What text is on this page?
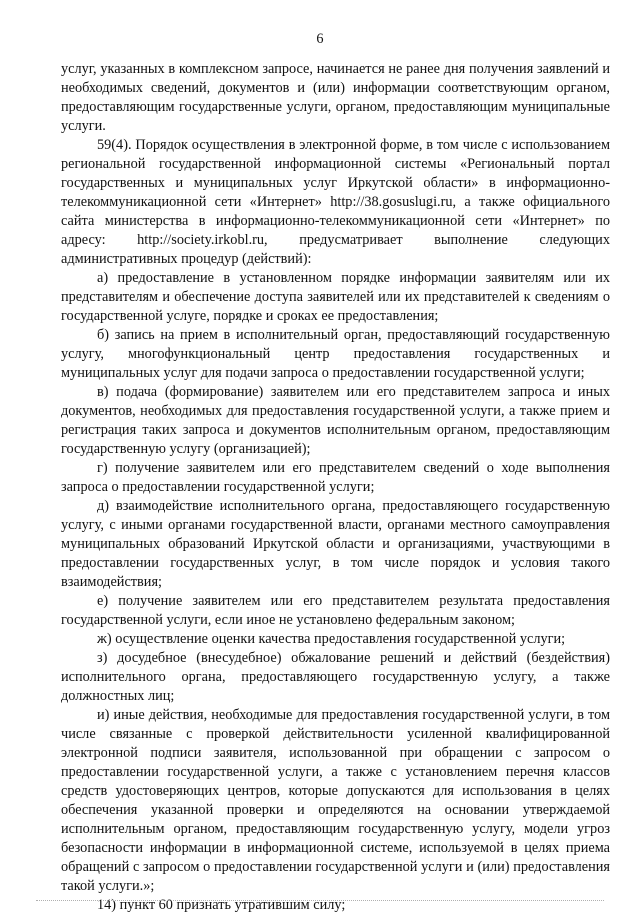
6

услуг, указанных в комплексном запросе, начинается не ранее дня получения заявлений и необходимых сведений, документов и (или) информации соответствующим органом, предоставляющим государственные услуги, органом, предоставляющим муниципальные услуги.

59(4). Порядок осуществления в электронной форме, в том числе с использованием региональной государственной информационной системы «Региональный портал государственных и муниципальных услуг Иркутской области» в информационно-телекоммуникационной сети «Интернет» http://38.gosuslugi.ru, а также официального сайта министерства в информационно-телекоммуникационной сети «Интернет» по адресу: http://society.irkobl.ru, предусматривает выполнение следующих административных процедур (действий):

а) предоставление в установленном порядке информации заявителям или их представителям и обеспечение доступа заявителей или их представителей к сведениям о государственной услуге, порядке и сроках ее предоставления;

б) запись на прием в исполнительный орган, предоставляющий государственную услугу, многофункциональный центр предоставления государственных и муниципальных услуг для подачи запроса о предоставлении государственной услуги;

в) подача (формирование) заявителем или его представителем запроса и иных документов, необходимых для предоставления государственной услуги, а также прием и регистрация таких запроса и документов исполнительным органом, предоставляющим государственную услугу (организацией);

г) получение заявителем или его представителем сведений о ходе выполнения запроса о предоставлении государственной услуги;

д) взаимодействие исполнительного органа, предоставляющего государственную услугу, с иными органами государственной власти, органами местного самоуправления муниципальных образований Иркутской области и организациями, участвующими в предоставлении государственных услуг, в том числе порядок и условия такого взаимодействия;

е) получение заявителем или его представителем результата предоставления государственной услуги, если иное не установлено федеральным законом;

ж) осуществление оценки качества предоставления государственной услуги;

з) досудебное (внесудебное) обжалование решений и действий (бездействия) исполнительного органа, предоставляющего государственную услугу, а также должностных лиц;

и) иные действия, необходимые для предоставления государственной услуги, в том числе связанные с проверкой действительности усиленной квалифицированной электронной подписи заявителя, использованной при обращении с запросом о предоставлении государственной услуги, а также с установлением перечня классов средств удостоверяющих центров, которые допускаются для использования в целях обеспечения указанной проверки и определяются на основании утверждаемой исполнительным органом, предоставляющим государственную услугу, модели угроз безопасности информации в информационной системе, используемой в целях приема обращений с запросом о предоставлении государственной услуги и (или) предоставления такой услуги.»;

14) пункт 60 признать утратившим силу;
